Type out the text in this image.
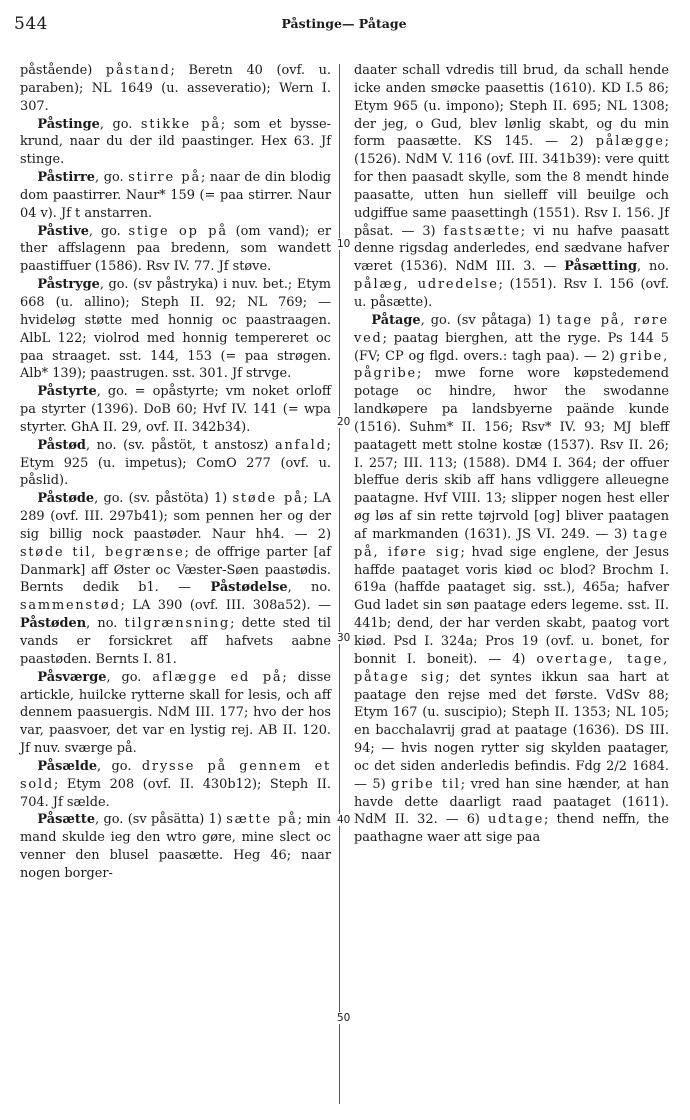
544	Påstinge— Påtage

påstående) påstand; Beretn 40 (ovf. u. paraben); NL 1649 (u. asseveratio); Wern I. 307.

Påstinge, go. stikke på; som et bysse-krund, naar du der ild paastinger. Hex 63. Jf stinge.

Påstirre, go. stirre på; naar de din blodig dom paastirrer. Naur* 159 (= paa stirrer. Naur 04 v). Jf t anstarren.

Påstive, go. stige op på (om vand); er ther affslagenn paa bredenn, som wandett paastiffuer (1586). Rsv IV. 77. Jf støve.

Påstryge, go. (sv påstryka) i nuv. bet.; Etym 668 (u. allino); Steph II. 92; NL 769; — hvideløg støtte med honnig oc paastraagen. AlbL 122; violrod med honnig tempereret oc paa straaget. sst. 144, 153 (= paa strøgen. Alb* 139); paastrugen. sst. 301. Jf strvge.

Påstyrte, go. = opåstyrte; vm noket orloff pa styrter (1396). DoB 60; Hvf IV. 141 (= wpa styrter. GhA II. 29, ovf. II. 342b34).

Påstød, no. (sv. påstöt, t anstosz) anfald; Etym 925 (u. impetus); ComO 277 (ovf. u. påslid).

Påstøde, go. (sv. påstöta) 1) støde på; LA 289 (ovf. III. 297b41); som pennen her og der sig billig nock paastøder. Naur hh4. — 2) støde til, begrænse; de offrige parter [af Danmark] aff Øster oc Væster-Søen paastødis. Bernts dedik b1. — Påstødelse, no. sammenstød; LA 390 (ovf. III. 308a52). — Påstøden, no. tilgrænsning; dette sted til vands er forsickret aff hafvets aabne paastøden. Bernts I. 81.

Påsværge, go. aflægge ed på; disse artickle, huilcke rytterne skall for lesis, och aff dennem paasuergis. NdM III. 177; hvo der hos var, paasvoer, det var en lystig rej. AB II. 120. Jf nuv. sværge på.

Påsælde, go. drysse på gennem et sold; Etym 208 (ovf. II. 430b12); Steph II. 704. Jf sælde.

Påsætte, go. (sv påsätta) 1) sætte på; min mand skulde ieg den wtro gøre, mine slect oc venner den blusel paasætte. Heg 46; naar nogen borger-

10
20
30
40
50

daater schall vdredis till brud, da schall hende icke anden smøcke paasettis (1610). KD I.5 86; Etym 965 (u. impono); Steph II. 695; NL 1308; der jeg, o Gud, blev lønlig skabt, og du min form paasætte. KS 145. — 2) pålægge; (1526). NdM V. 116 (ovf. III. 341b39): vere quitt for then paasadt skylle, som the 8 mendt hinde paasatte, utten hun sielleff vill beuilge och udgiffue same paasettingh (1551). Rsv I. 156. Jf påsat. — 3) fastsætte; vi nu hafve paasatt denne rigsdag anderledes, end sædvane hafver været (1536). NdM III. 3. — Påsætting, no. pålæg, udredelse; (1551). Rsv I. 156 (ovf. u. påsætte).

Påtage, go. (sv påtaga) 1) tage på, røre ved; paatag bierghen, att the ryge. Ps 144 5 (FV; CP og flgd. overs.: tagh paa). — 2) gribe, pågribe; mwe forne wore køpstedemend potage oc hindre, hwor the swodanne landkøpere pa landsbyerne paände kunde (1516). Suhm* II. 156; Rsv* IV. 93; MJ bleff paatagett mett stolne kostæ (1537). Rsv II. 26; I. 257; III. 113; (1588). DM4 I. 364; der offuer bleffue deris skib aff hans vdliggere alleuegne paatagne. Hvf VIII. 13; slipper nogen hest eller øg løs af sin rette tøjrvold [og] bliver paatagen af markmanden (1631). JS VI. 249. — 3) tage på, iføre sig; hvad sige englene, der Jesus haffde paataget voris kiød oc blod? Brochm I. 619a (haffde paataget sig. sst.), 465a; hafver Gud ladet sin søn paatage eders legeme. sst. II. 441b; dend, der har verden skabt, paatog vort kiød. Psd I. 324a; Pros 19 (ovf. u. bonet, for bonnit I. boneit). — 4) overtage, tage, påtage sig; det syntes ikkun saa hart at paatage den rejse med det første. VdSv 88; Etym 167 (u. suscipio); Steph II. 1353; NL 105; en bacchalavrij grad at paatage (1636). DS III. 94; — hvis nogen rytter sig skylden paatager, oc det siden anderledis befindis. Fdg 2/2 1684. — 5) gribe til; vred han sine hænder, at han havde dette daarligt raad paataget (1611). NdM II. 32. — 6) udtage; thend neffn, the paathagne waer att sige paa
